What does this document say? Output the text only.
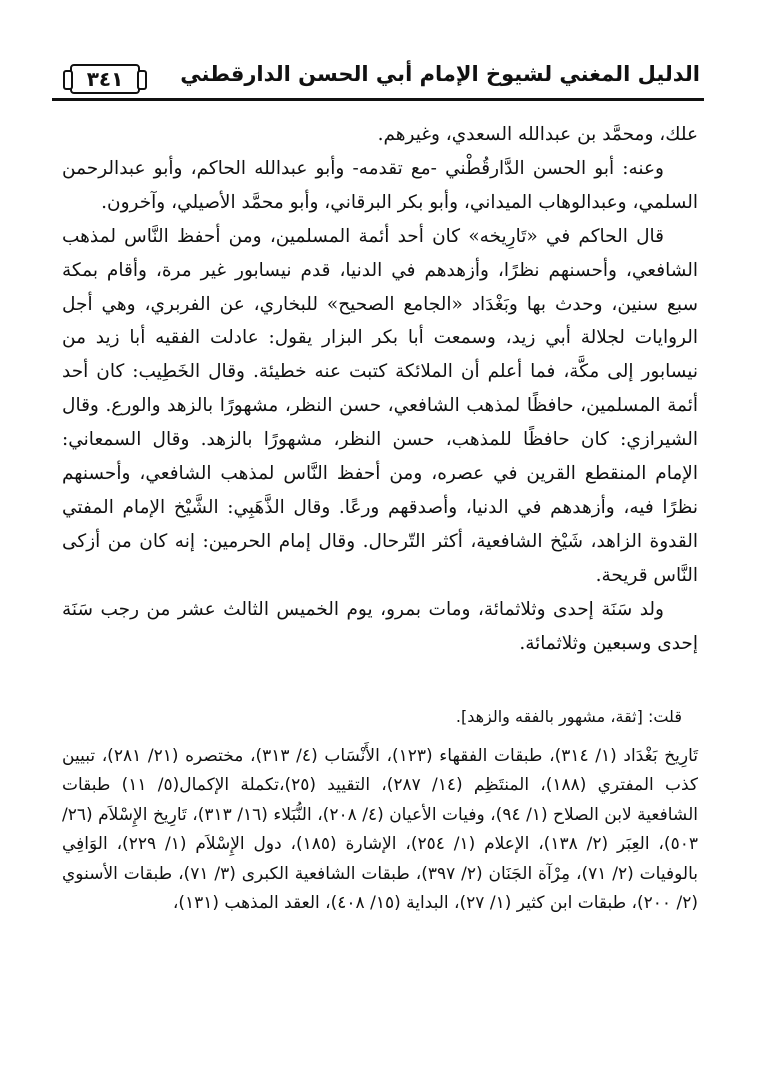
٣٤١	الدليل المغني لشيوخ الإمام أبي الحسن الدارقطني

علك، ومحمَّد بن عبدالله السعدي، وغيرهم.

وعنه: أبو الحسن الدَّارقُطْني -مع تقدمه- وأبو عبدالله الحاكم، وأبو عبدالرحمن السلمي، وعبدالوهاب الميداني، وأبو بكر البرقاني، وأبو محمَّد الأصيلي، وآخرون.

قال الحاكم في «تَارِيخه» كان أحد أئمة المسلمين، ومن أحفظ النَّاس لمذهب الشافعي، وأحسنهم نظرًا، وأزهدهم في الدنيا، قدم نيسابور غير مرة، وأقام بمكة سبع سنين، وحدث بها وبَغْدَاد «الجامع الصحيح» للبخاري، عن الفربري، وهي أجل الروايات لجلالة أبي زيد، وسمعت أبا بكر البزار يقول: عادلت الفقيه أبا زيد من نيسابور إلى مكَّة، فما أعلم أن الملائكة كتبت عنه خطيئة. وقال الخَطِيب: كان أحد أئمة المسلمين، حافظًا لمذهب الشافعي، حسن النظر، مشهورًا بالزهد والورع. وقال الشيرازي: كان حافظًا للمذهب، حسن النظر، مشهورًا بالزهد. وقال السمعاني: الإمام المنقطع القرين في عصره، ومن أحفظ النَّاس لمذهب الشافعي، وأحسنهم نظرًا فيه، وأزهدهم في الدنيا، وأصدقهم ورعًا. وقال الذَّهَبِي: الشَّيْخ الإمام المفتي القدوة الزاهد، شَيْخ الشافعية، أكثر التّرحال. وقال إمام الحرمين: إنه كان من أزكى النَّاس قريحة.

ولد سَنَة إحدى وثلاثمائة، ومات بمرو، يوم الخميس الثالث عشر من رجب سَنَة إحدى وسبعين وثلاثمائة.

قلت: [ثقة، مشهور بالفقه والزهد].

تَارِيخ بَغْدَاد (١/ ٣١٤)، طبقات الفقهاء (١٢٣)، الأَنْسَاب (٤/ ٣١٣)، مختصره (٢١/ ٢٨١)، تبيين كذب المفتري (١٨٨)، المنتَظِم (١٤/ ٢٨٧)، التقييد (٢٥)،تكملة الإكمال(٥/ ١١) طبقات الشافعية لابن الصلاح (١/ ٩٤)، وفيات الأعيان (٤/ ٢٠٨)، النُّبَلاء (١٦/ ٣١٣)، تَارِيخ الإِسْلاَم (٢٦/ ٥٠٣)، العِبَر (٢/ ١٣٨)، الإعلام (١/ ٢٥٤)، الإشارة (١٨٥)، دول الإِسْلاَم (١/ ٢٢٩)، الوَافِي بالوفيات (٢/ ٧١)، مِرْآة الجَنَان (٢/ ٣٩٧)، طبقات الشافعية الكبرى (٣/ ٧١)، طبقات الأسنوي (٢/ ٢٠٠)، طبقات ابن كثير (١/ ٢٧)، البداية (١٥/ ٤٠٨)، العقد المذهب (١٣١)،
